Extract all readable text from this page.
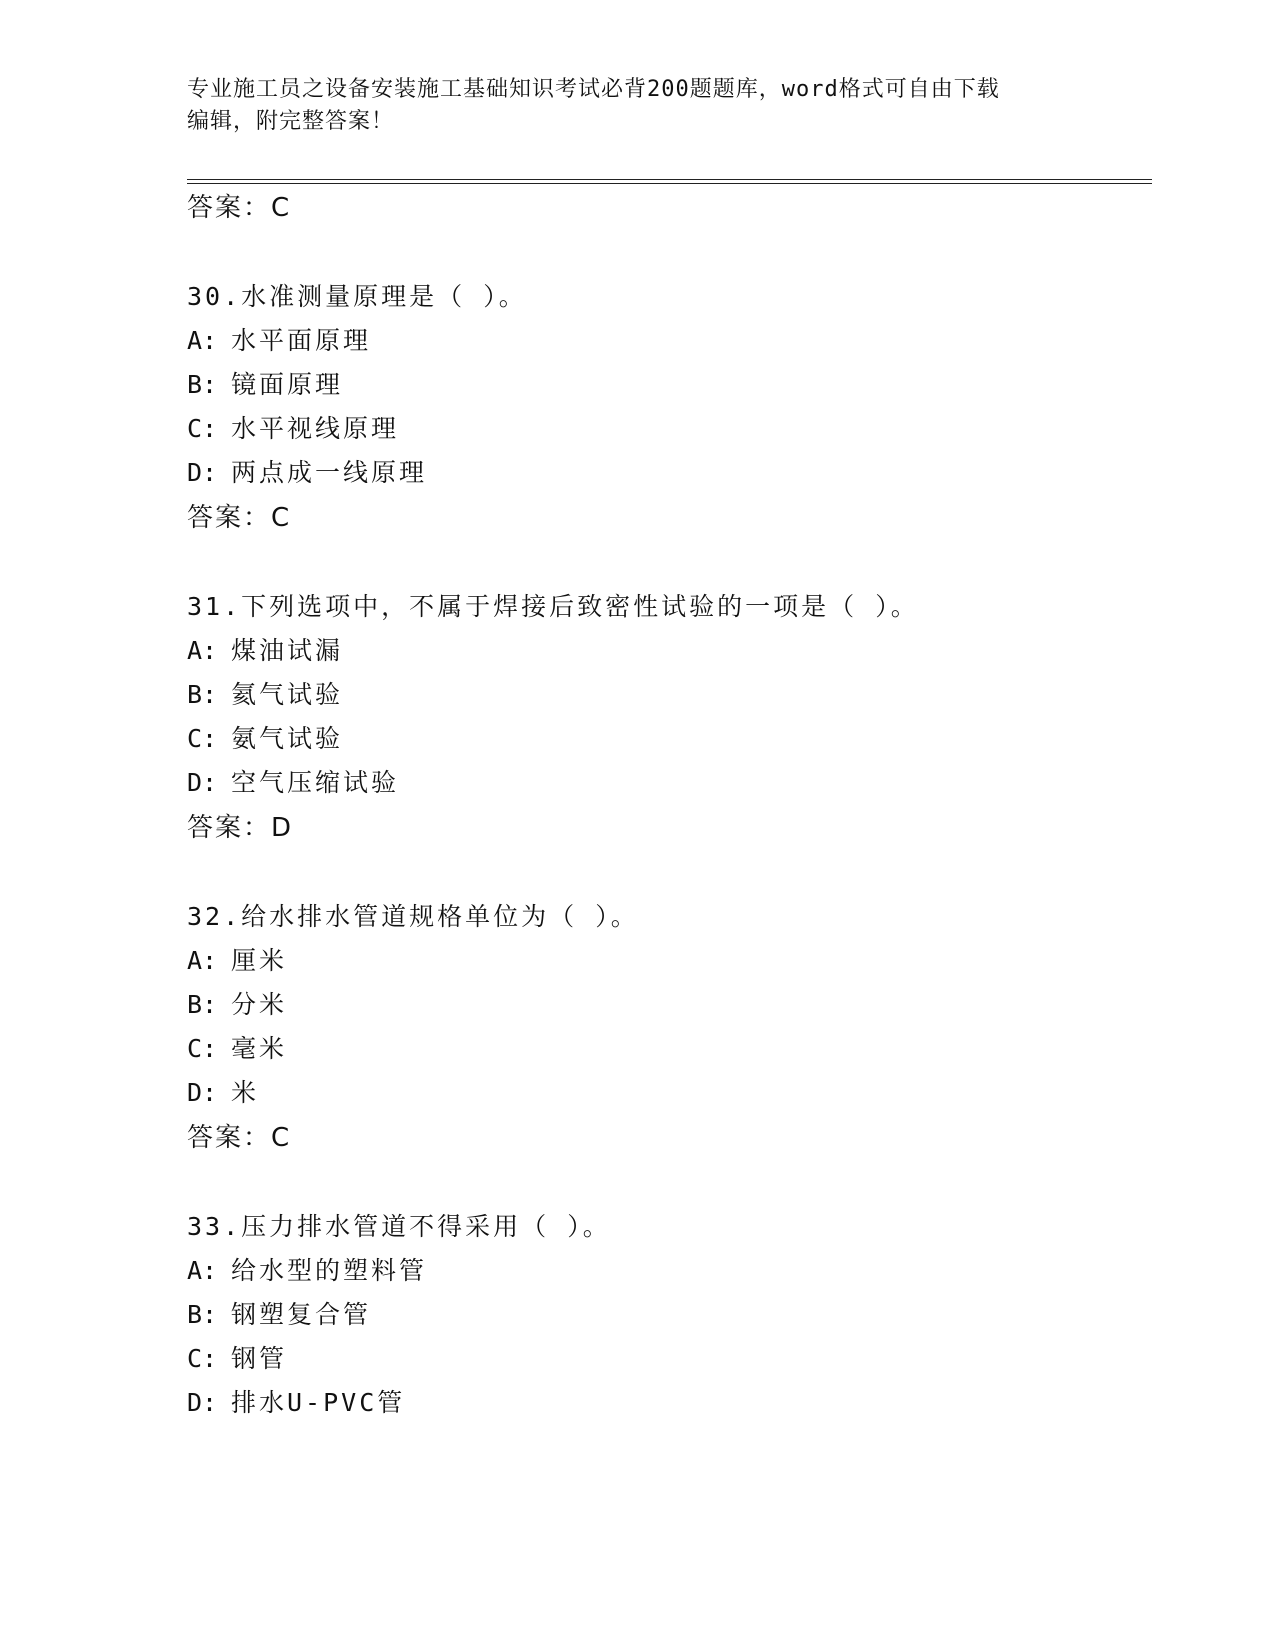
专业施工员之设备安装施工基础知识考试必背200题题库，word格式可自由下载
编辑，附完整答案！
答案：C
30.水准测量原理是（ ）。
A: 水平面原理
B: 镜面原理
C: 水平视线原理
D: 两点成一线原理
答案：C
31.下列选项中，不属于焊接后致密性试验的一项是（ ）。
A: 煤油试漏
B: 氦气试验
C: 氨气试验
D: 空气压缩试验
答案：D
32.给水排水管道规格单位为（ ）。
A: 厘米
B: 分米
C: 毫米
D: 米
答案：C
33.压力排水管道不得采用（ ）。
A: 给水型的塑料管
B: 钢塑复合管
C: 钢管
D: 排水U-PVC管
